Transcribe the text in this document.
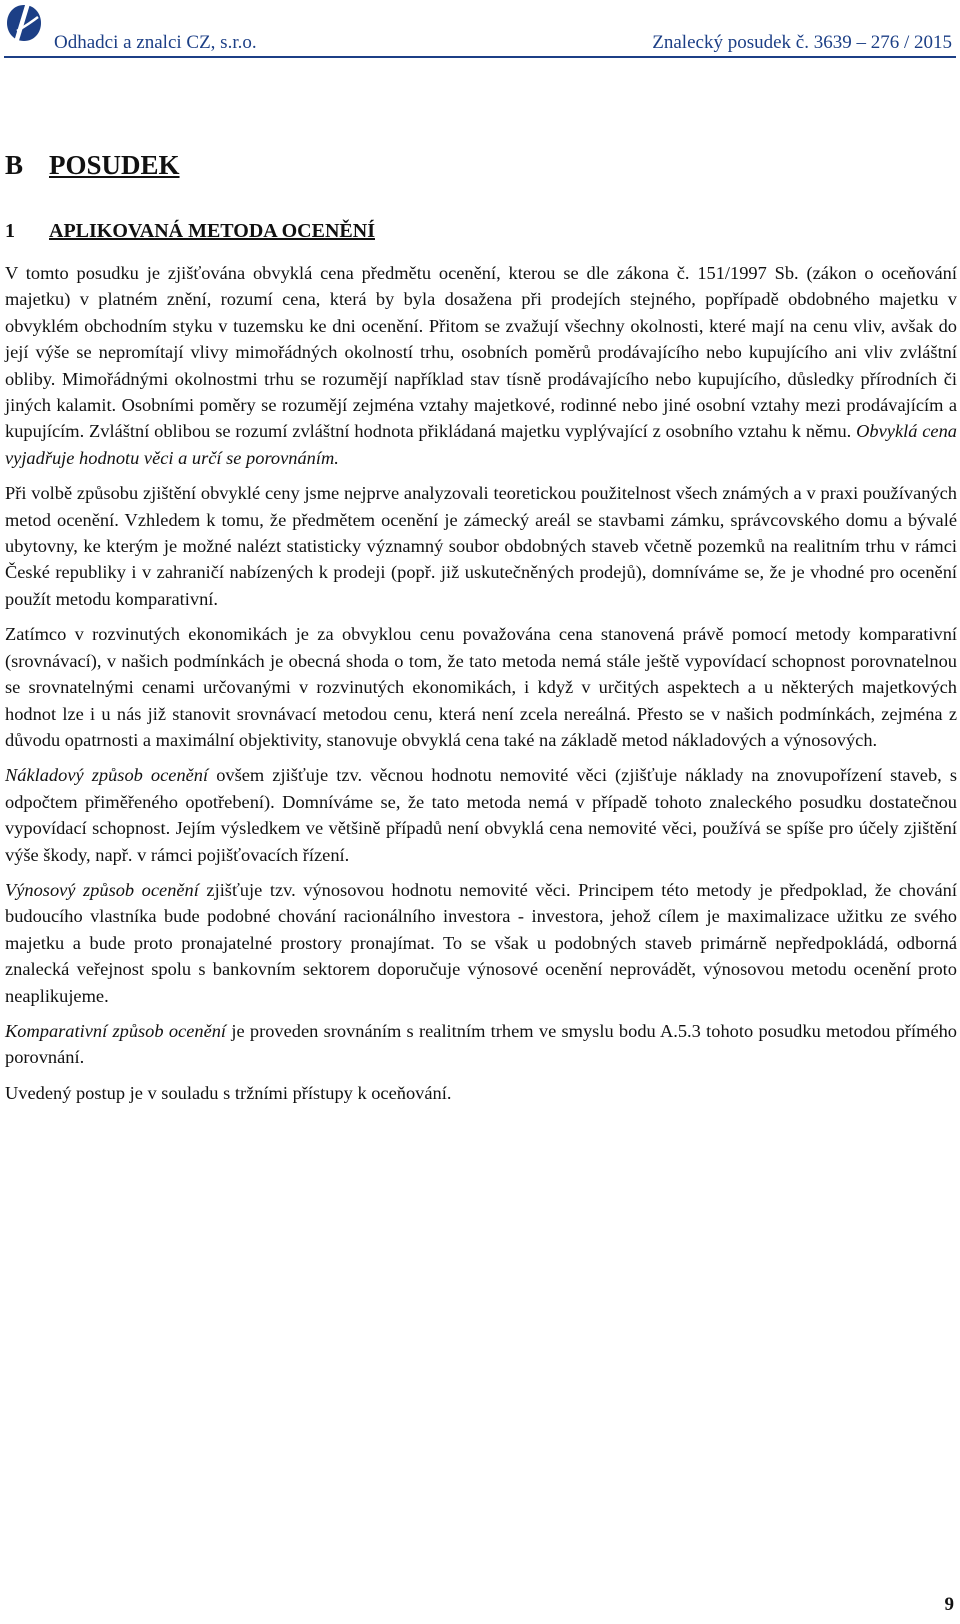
Odhadci a znalci CZ, s.r.o.	Znalecký posudek č. 3639 – 276 / 2015
B POSUDEK
1 APLIKOVANÁ METODA OCENĚNÍ

V tomto posudku je zjišťována obvyklá cena předmětu ocenění, kterou se dle zákona č. 151/1997 Sb. (zákon o oceňování majetku) v platném znění, rozumí cena, která by byla dosažena při prodejích stejného, popřípadě obdobného majetku v obvyklém obchodním styku v tuzemsku ke dni ocenění. Přitom se zvažují všechny okolnosti, které mají na cenu vliv, avšak do její výše se nepromítají vlivy mimořádných okolností trhu, osobních poměrů prodávajícího nebo kupujícího ani vliv zvláštní obliby. Mimořádnými okolnostmi trhu se rozumějí například stav tísně prodávajícího nebo kupujícího, důsledky přírodních či jiných kalamit. Osobními poměry se rozumějí zejména vztahy majetkové, rodinné nebo jiné osobní vztahy mezi prodávajícím a kupujícím. Zvláštní oblibou se rozumí zvláštní hodnota přikládaná majetku vyplývající z osobního vztahu k němu. Obvyklá cena vyjadřuje hodnotu věci a určí se porovnáním.

Při volbě způsobu zjištění obvyklé ceny jsme nejprve analyzovali teoretickou použitelnost všech známých a v praxi používaných metod ocenění. Vzhledem k tomu, že předmětem ocenění je zámecký areál se stavbami zámku, správcovského domu a bývalé ubytovny, ke kterým je možné nalézt statisticky významný soubor obdobných staveb včetně pozemků na realitním trhu v rámci České republiky i v zahraničí nabízených k prodeji (popř. již uskutečněných prodejů), domníváme se, že je vhodné pro ocenění použít metodu komparativní.

Zatímco v rozvinutých ekonomikách je za obvyklou cenu považována cena stanovená právě pomocí metody komparativní (srovnávací), v našich podmínkách je obecná shoda o tom, že tato metoda nemá stále ještě vypovídací schopnost porovnatelnou se srovnatelnými cenami určovanými v rozvinutých ekonomikách, i když v určitých aspektech a u některých majetkových hodnot lze i u nás již stanovit srovnávací metodou cenu, která není zcela nereálná. Přesto se v našich podmínkách, zejména z důvodu opatrnosti a maximální objektivity, stanovuje obvyklá cena také na základě metod nákladových a výnosových.

Nákladový způsob ocenění ovšem zjišťuje tzv. věcnou hodnotu nemovité věci (zjišťuje náklady na znovupořízení staveb, s odpočtem přiměřeného opotřebení). Domníváme se, že tato metoda nemá v případě tohoto znaleckého posudku dostatečnou vypovídací schopnost. Jejím výsledkem ve většině případů není obvyklá cena nemovité věci, používá se spíše pro účely zjištění výše škody, např. v rámci pojišťovacích řízení.

Výnosový způsob ocenění zjišťuje tzv. výnosovou hodnotu nemovité věci. Principem této metody je předpoklad, že chování budoucího vlastníka bude podobné chování racionálního investora - investora, jehož cílem je maximalizace užitku ze svého majetku a bude proto pronajatelné prostory pronajímat. To se však u podobných staveb primárně nepředpokládá, odborná znalecká veřejnost spolu s bankovním sektorem doporučuje výnosové ocenění neprovádět, výnosovou metodu ocenění proto neaplikujeme.

Komparativní způsob ocenění je proveden srovnáním s realitním trhem ve smyslu bodu A.5.3 tohoto posudku metodou přímého porovnání.

Uvedený postup je v souladu s tržními přístupy k oceňování.

9
